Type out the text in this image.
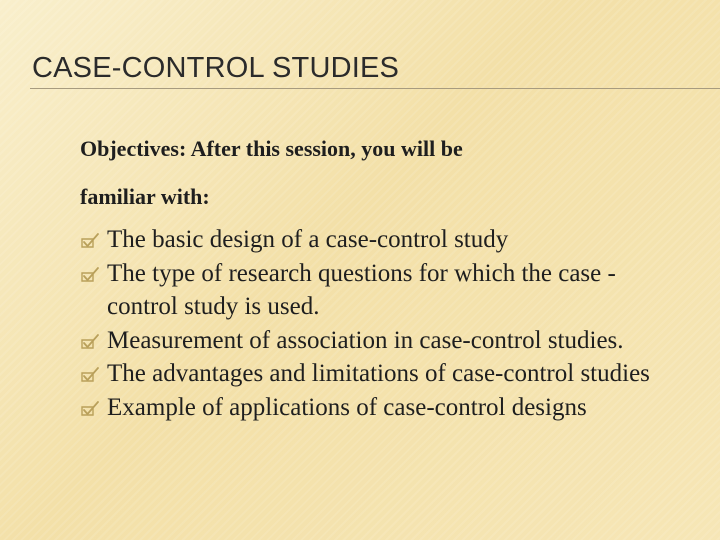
CASE-CONTROL STUDIES

Objectives: After this session, you will be

familiar with:

The basic design of a case-control study
The type of research questions for which the case -control study is used.
Measurement of association in case-control studies.
The advantages and limitations of case-control studies
Example of applications of case-control designs
